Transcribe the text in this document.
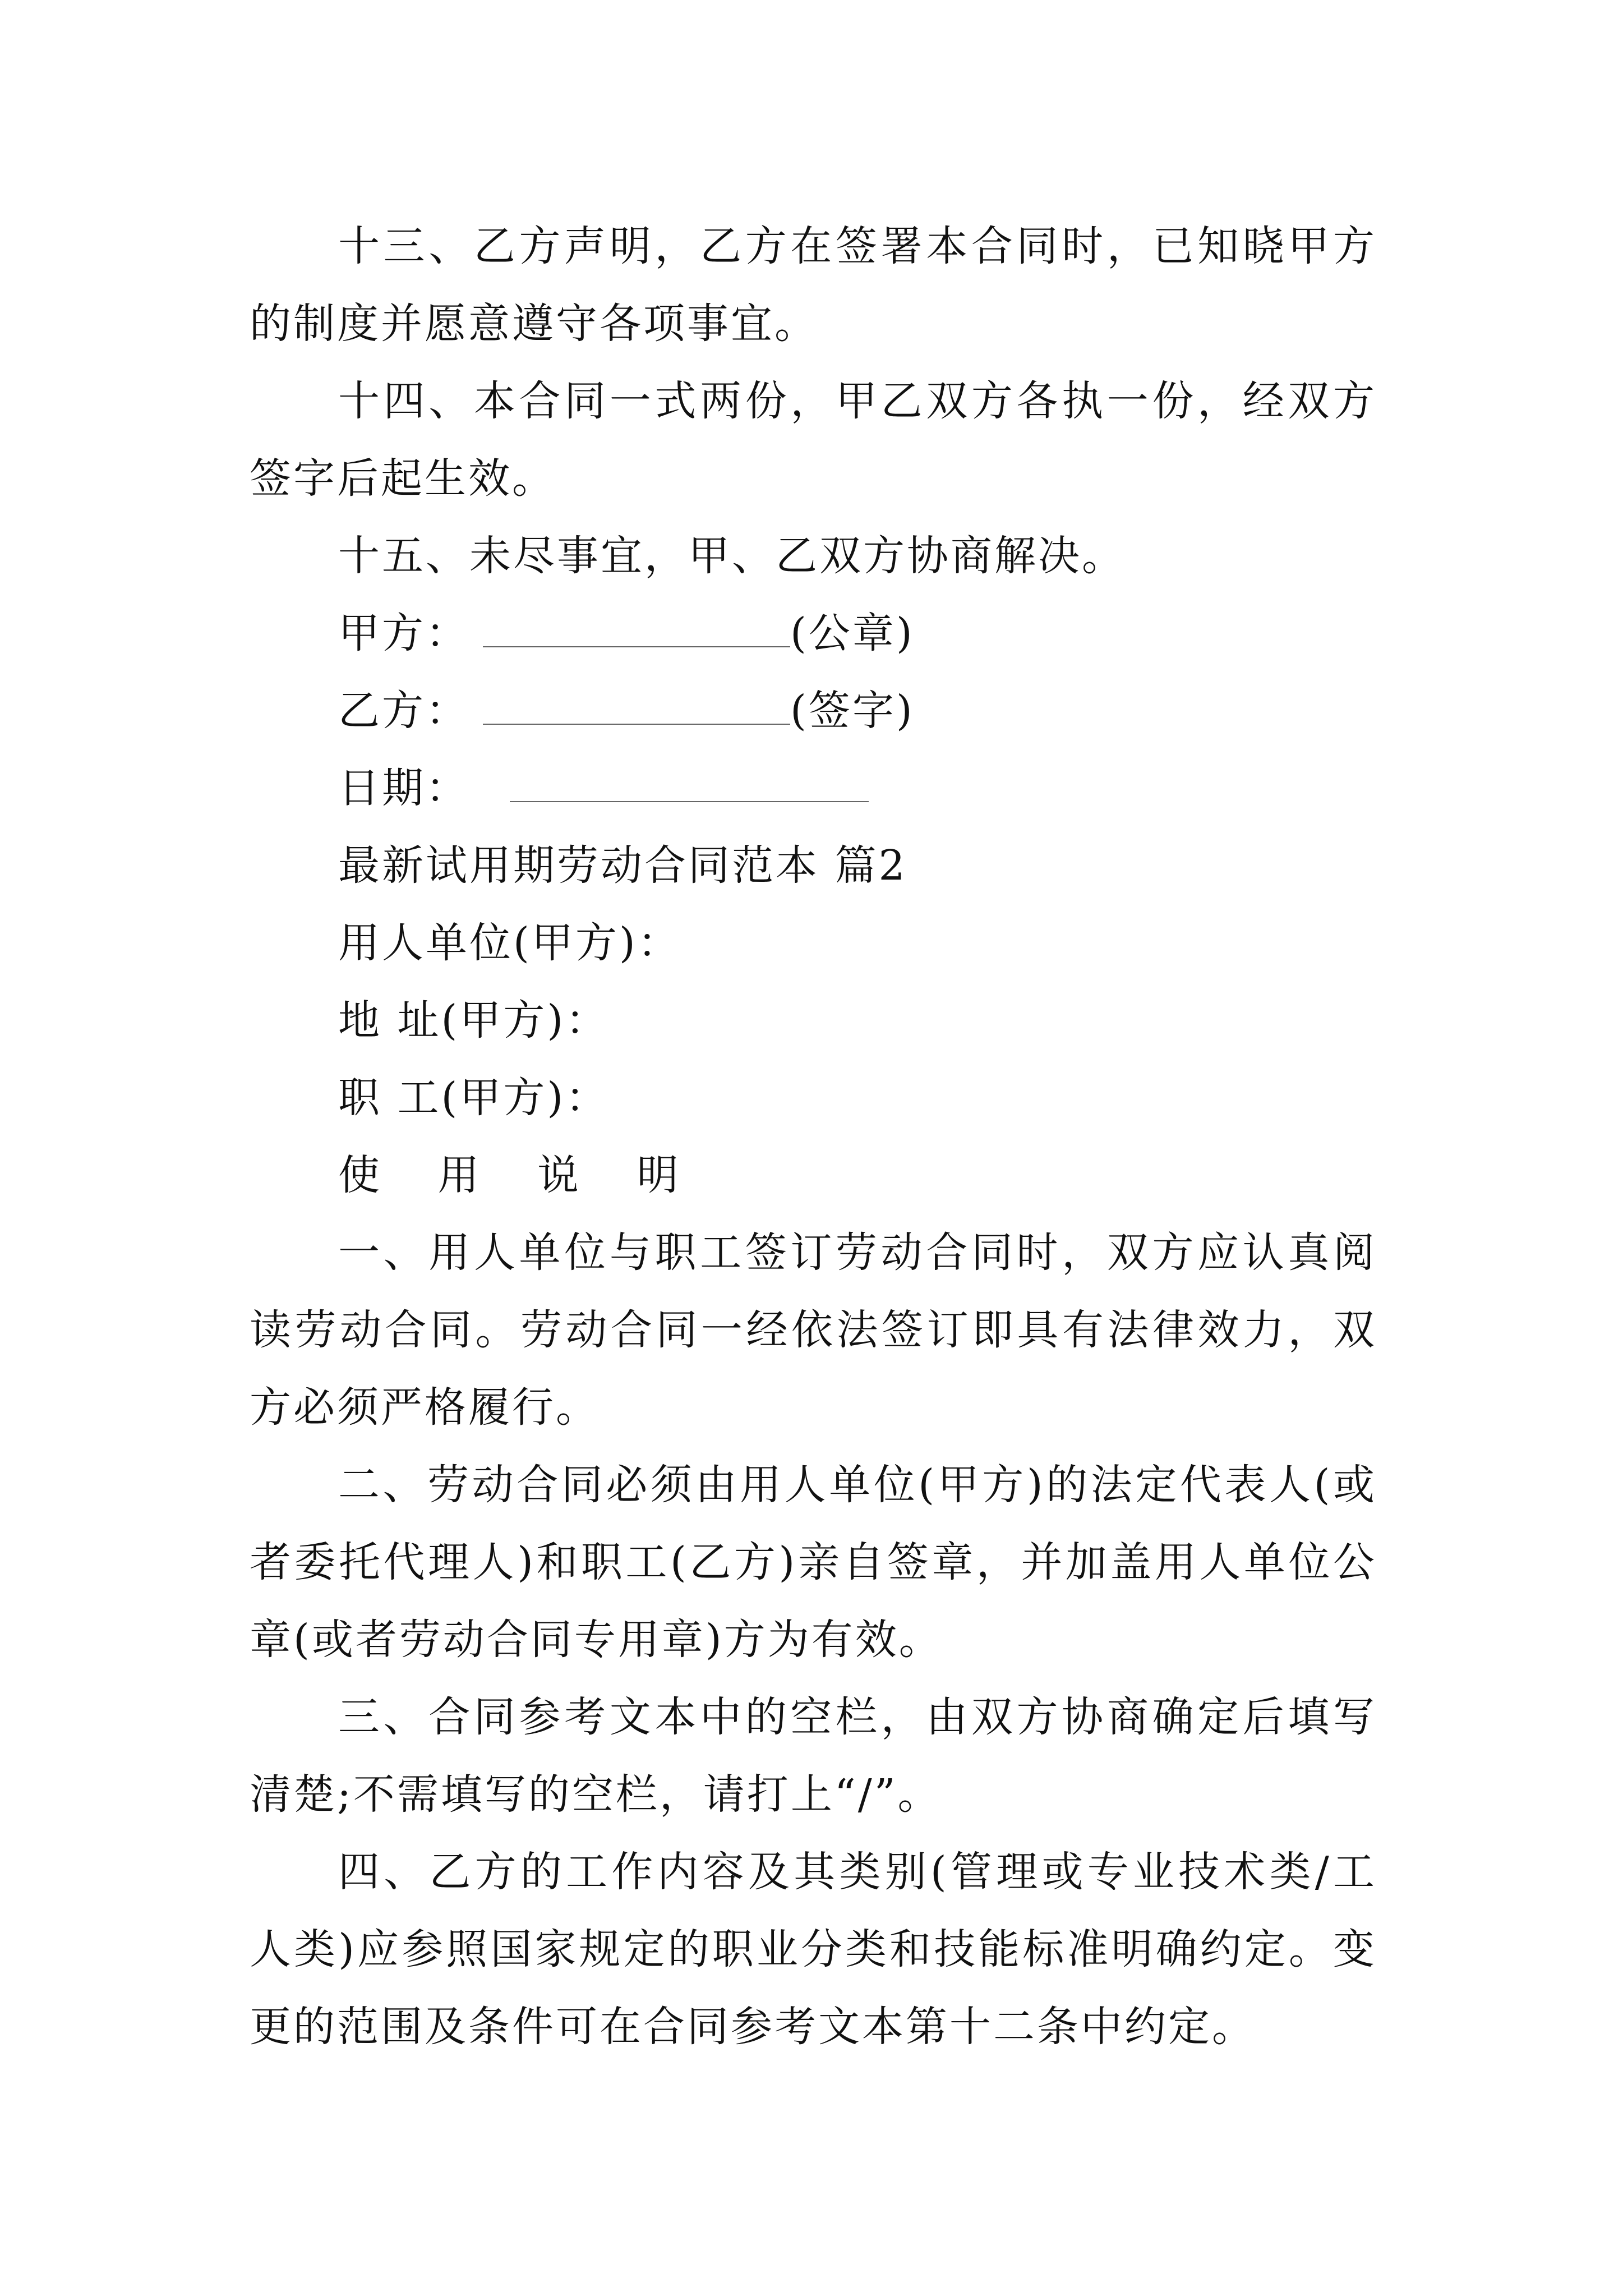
十三、乙方声明，乙方在签署本合同时，已知晓甲方的制度并愿意遵守各项事宜。

十四、本合同一式两份，甲乙双方各执一份，经双方签字后起生效。

十五、未尽事宜，甲、乙双方协商解决。

甲方：	(公章)

乙方：	(签字)

日期：

最新试用期劳动合同范本 篇2

用人单位(甲方)：

地 址(甲方)：

职 工(甲方)：

使 用 说 明

一、用人单位与职工签订劳动合同时，双方应认真阅读劳动合同。劳动合同一经依法签订即具有法律效力，双方必须严格履行。

二、劳动合同必须由用人单位(甲方)的法定代表人(或者委托代理人)和职工(乙方)亲自签章，并加盖用人单位公章(或者劳动合同专用章)方为有效。

三、合同参考文本中的空栏，由双方协商确定后填写清楚;不需填写的空栏，请打上“/”。

四、乙方的工作内容及其类别(管理或专业技术类/工人类)应参照国家规定的职业分类和技能标准明确约定。变更的范围及条件可在合同参考文本第十二条中约定。
